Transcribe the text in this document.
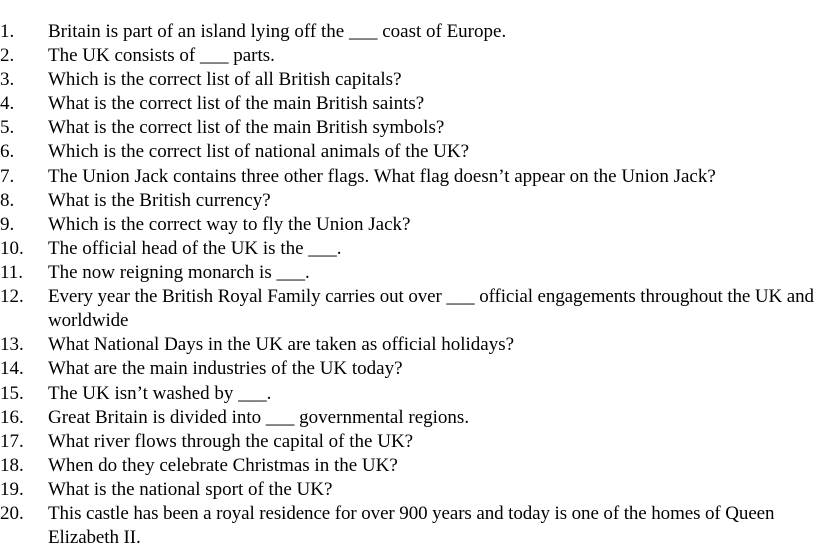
1.	Britain is part of an island lying off the ___ coast of Europe.
2.	The UK consists of ___ parts.
3.	Which is the correct list of all British capitals?
4.	What is the correct list of the main British saints?
5.	What is the correct list of the main British symbols?
6.	Which is the correct list of national animals of the UK?
7.	The Union Jack contains three other flags. What flag doesn’t appear on the Union Jack?
8.	What is the British currency?
9.	Which is the correct way to fly the Union Jack?
10.	The official head of the UK is the ___.
11.	The now reigning monarch is ___.
12.	Every year the British Royal Family carries out over ___ official engagements throughout the UK and worldwide
13.	What National Days in the UK are taken as official holidays?
14.	What are the main industries of the UK today?
15.	The UK isn’t washed by ___.
16.	Great Britain is divided into ___ governmental regions.
17.	What river flows through the capital of the UK?
18.	When do they celebrate Christmas in the UK?
19.	What is the national sport of the UK?
20.	This castle has been a royal residence for over 900 years and today is one of the homes of Queen Elizabeth II.
